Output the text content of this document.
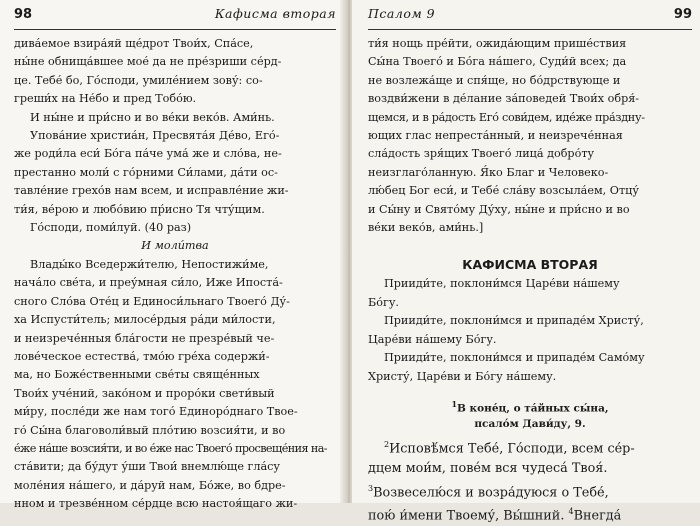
98	Кафисма вторая
дива́емое взира́яй ще́дрот Твои́х, Спа́се,
ны́не обнища́вшее мое́ да не пре́зриши се́рд-
це. Тебе́ бо, Го́споди, умиле́нием зову́: со-
греши́х на Не́бо и пред Тобо́ю.
И ны́не и при́сно и во ве́ки веко́в. Ами́нь.
Упова́ние христиа́н, Пресвята́я Де́во, Его́-
же роди́ла еси́ Бо́га па́че ума́ же и сло́ва, не-
престанно моли́ с го́рними Си́лами, да́ти ос-
тавле́ние грехо́в нам всем, и исправле́ние жи-
ти́я, ве́рою и любо́вию пр́исно Тя чту́щим.
Го́споди, поми́луй. (40 раз)
И моли́тва
Влады́ко Вседержи́телю, Непостижи́ме,
нача́ло све́та, и преу́мная си́ло, Иже Ипоста́-
сного Сло́ва Оте́ц и Единоси́льнаго Твоего́ Ду́-
ха Испусти́тель; милосе́рдыя ра́ди ми́лости,
и неизрече́нныя бла́гости не презре́вый че-
лове́ческое естества́, тмо́ю гре́ха содержи́-
ма, но Боже́ственными све́ты свяще́нных
Твои́х уче́ний, зако́ном и проро́ки свети́вый
ми́ру, после́ди же нам того́ Единоро́днаго Твое-
го́ Сы́на благоволи́вый пло́тию возсия́ти, и во
е́же на́ше возсия́ти, и во е́же нас Твоего́ просвеще́ния на-
ста́вити; да бу́дут у́ши Твои́ внемлю́ще гла́су
моле́ния на́шего, и да́руй нам, Бо́же, во бдре-
нном и трезве́нном се́рдце всю настоя́щаго жи-
Псалом 9	99
ти́я нощь пре́йти, ожида́ющим прише́ствия
Сы́на Твоего́ и Бо́га на́шего, Суди́й всех; да
не возлежа́ще и спя́ще, но бо́дрствующе и
воздви́жени в де́лание за́поведей Твои́х обря́-
щемся, и в ра́дость Его́ сови́дем, иде́же пра́здну-
ющих глас непреста́нный, и неизрече́нная
сла́дость зря́щих Твоего́ лица́ добро́ту
неизглаго́ланную. Я́ко Благ и Человеко-
лю́бец Бог еси́, и Тебе́ сла́ву возсыла́ем, Отцу́
и Сы́ну и Свято́му Ду́ху, ны́не и при́сно и во
ве́ки веко́в, ами́нь.]
КАФИСМА ВТОРАЯ
Прииди́те, поклони́мся Царе́ви на́шему
Бо́гу.
Прииди́те, поклони́мся и припаде́м Христу́,
Царе́ви на́шему Бо́гу.
Прииди́те, поклони́мся и припаде́м Само́му
Христу́, Царе́ви и Бо́гу на́шему.
$^1$В коне́ц, о та́йных сы́на,
псало́м Дави́ду, 9.
$^2$Исповѣ́мся Тебе́, Го́споди, всем се́р-
дцем мои́м, пове́м вся чудеса́ Твоя́.
$^3$Возвеселю́ся и возра́дуюся о Тебе́,
пою́ и́мени Твоему́, Вы́шний. $^4$Внегда́
